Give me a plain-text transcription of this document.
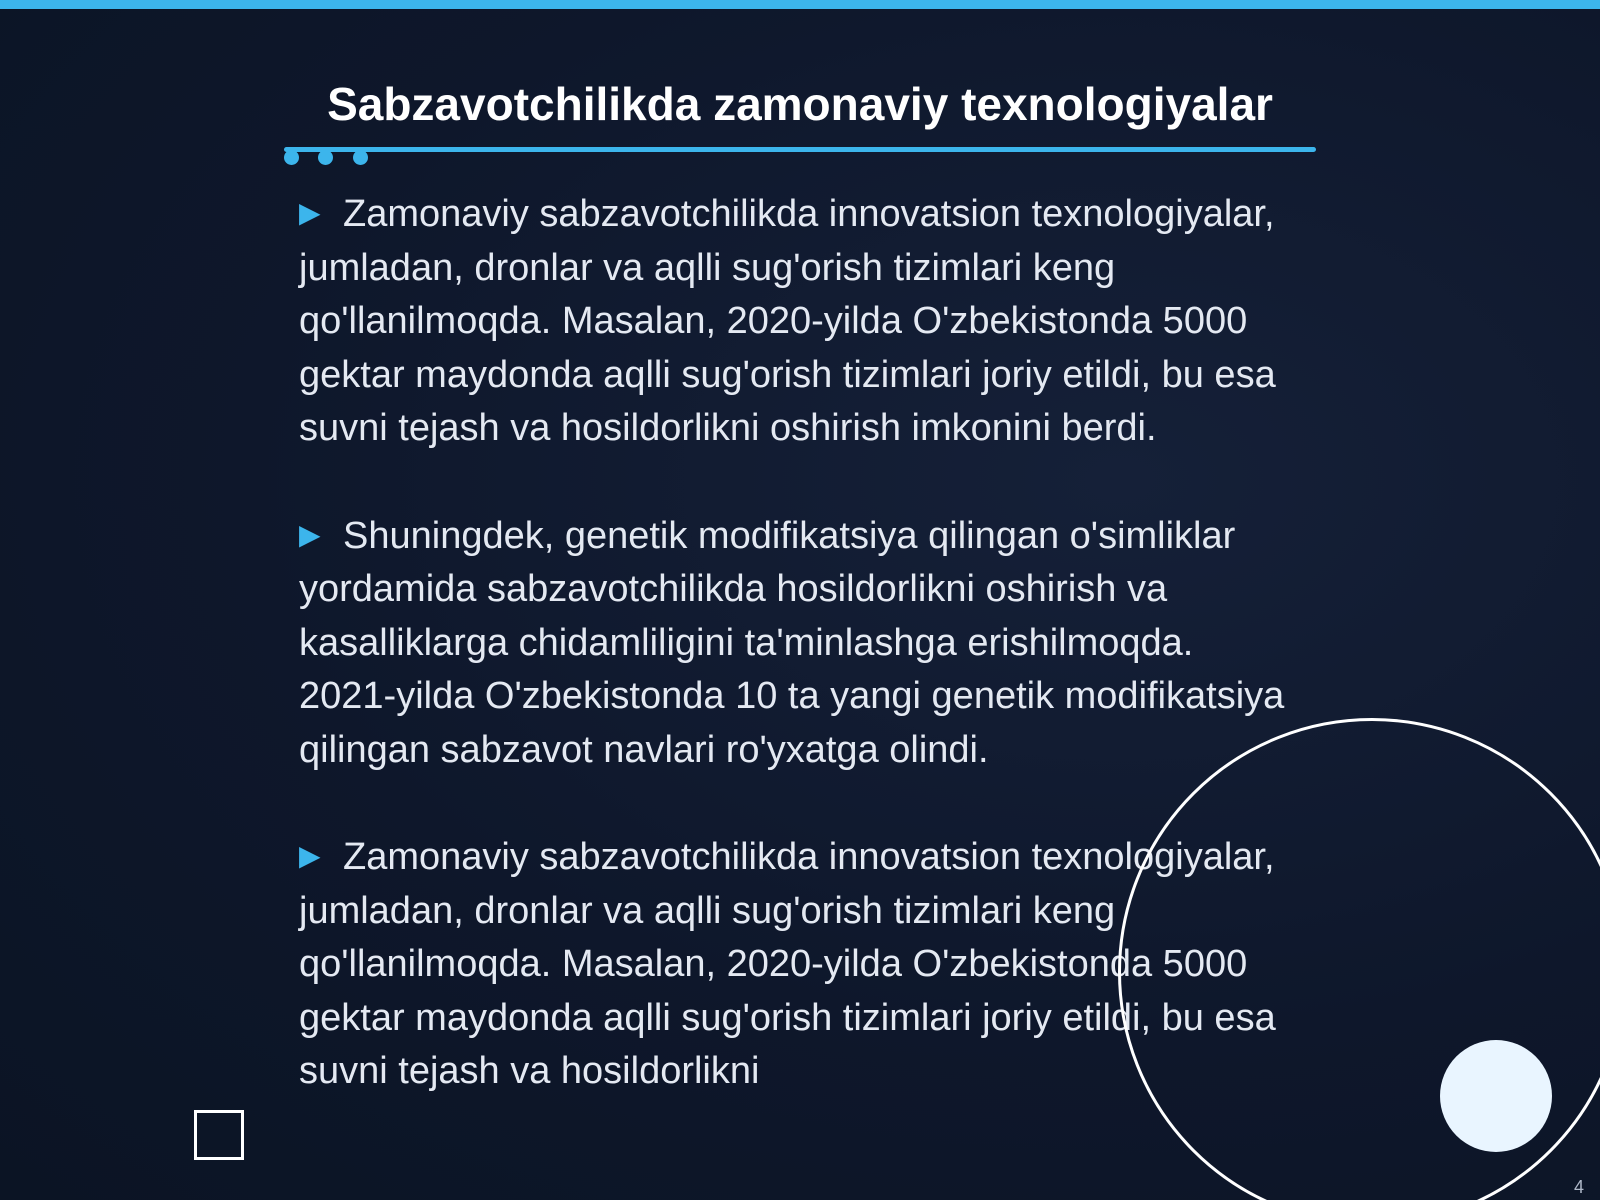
Sabzavotchilikda zamonaviy texnologiyalar
▶ Zamonaviy sabzavotchilikda innovatsion texnologiyalar, jumladan, dronlar va aqlli sug'orish tizimlari keng qo'llanilmoqda. Masalan, 2020-yilda O'zbekistonda 5000 gektar maydonda aqlli sug'orish tizimlari joriy etildi, bu esa suvni tejash va hosildorlikni oshirish imkonini berdi.
▶ Shuningdek, genetik modifikatsiya qilingan o'simliklar yordamida sabzavotchilikda hosildorlikni oshirish va kasalliklarga chidamliligini ta'minlashga erishilmoqda. 2021-yilda O'zbekistonda 10 ta yangi genetik modifikatsiya qilingan sabzavot navlari ro'yxatga olindi.
▶ Zamonaviy sabzavotchilikda innovatsion texnologiyalar, jumladan, dronlar va aqlli sug'orish tizimlari keng qo'llanilmoqda. Masalan, 2020-yilda O'zbekistonda 5000 gektar maydonda aqlli sug'orish tizimlari joriy etildi, bu esa suvni tejash va hosildorlikni
4
